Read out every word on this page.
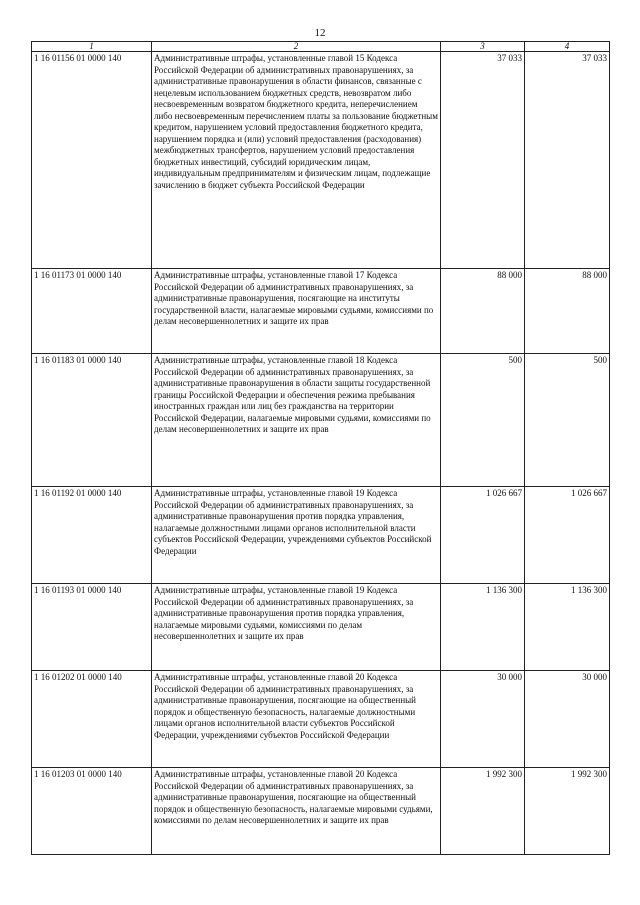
12
1	2	3	4
1 16 01156 01 0000 140	Административные штрафы, установленные главой 15 Кодекса Российской Федерации об административных правонарушениях, за административные правонарушения в области финансов, связанные с нецелевым использованием бюджетных средств, невозвратом либо несвоевременным возвратом бюджетного кредита, неперечислением либо несвоевременным перечислением платы за пользование бюджетным кредитом, нарушением условий предоставления бюджетного кредита, нарушением порядка и (или) условий предоставления (расходования) межбюджетных трансфертов, нарушением условий предоставления бюджетных инвестиций, субсидий юридическим лицам, индивидуальным предпринимателям и физическим лицам, подлежащие зачислению в бюджет субъекта Российской Федерации	37 033	37 033
1 16 01173 01 0000 140	Административные штрафы, установленные главой 17 Кодекса Российской Федерации об административных правонарушениях, за административные правонарушения, посягающие на институты государственной власти, налагаемые мировыми судьями, комиссиями по делам несовершеннолетних и защите их прав	88 000	88 000
1 16 01183 01 0000 140	Административные штрафы, установленные главой 18 Кодекса Российской Федерации об административных правонарушениях, за административные правонарушения в области защиты государственной границы Российской Федерации и обеспечения режима пребывания иностранных граждан или лиц без гражданства на территории Российской Федерации, налагаемые мировыми судьями, комиссиями по делам несовершеннолетних и защите их прав	500	500
1 16 01192 01 0000 140	Административные штрафы, установленные главой 19 Кодекса Российской Федерации об административных правонарушениях, за административные правонарушения против порядка управления, налагаемые должностными лицами органов исполнительной власти субъектов Российской Федерации, учреждениями субъектов Российской Федерации	1 026 667	1 026 667
1 16 01193 01 0000 140	Административные штрафы, установленные главой 19 Кодекса Российской Федерации об административных правонарушениях, за административные правонарушения против порядка управления, налагаемые мировыми судьями, комиссиями по делам несовершеннолетних и защите их прав	1 136 300	1 136 300
1 16 01202 01 0000 140	Административные штрафы, установленные главой 20 Кодекса Российской Федерации об административных правонарушениях, за административные правонарушения, посягающие на общественный порядок и общественную безопасность, налагаемые должностными лицами органов исполнительной власти субъектов Российской Федерации, учреждениями субъектов Российской Федерации	30 000	30 000
1 16 01203 01 0000 140	Административные штрафы, установленные главой 20 Кодекса Российской Федерации об административных правонарушениях, за административные правонарушения, посягающие на общественный порядок и общественную безопасность, налагаемые мировыми судьями, комиссиями по делам несовершеннолетних и защите их прав	1 992 300	1 992 300
